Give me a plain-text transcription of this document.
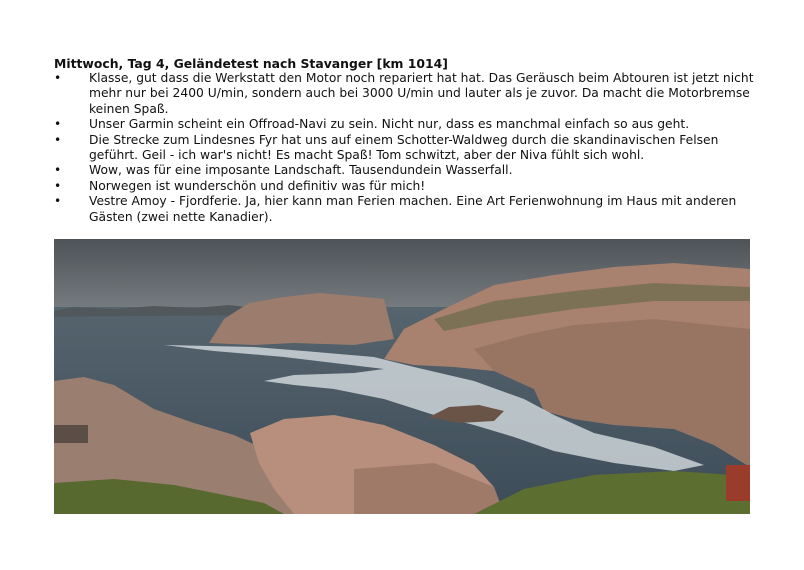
Mittwoch, Tag 4, Geländetest nach Stavanger [km 1014]

• Klasse, gut dass die Werkstatt den Motor noch repariert hat hat. Das Geräusch beim Abtouren ist jetzt nicht mehr nur bei 2400 U/min, sondern auch bei 3000 U/min und lauter als je zuvor. Da macht die Motorbremse keinen Spaß.
• Unser Garmin scheint ein Offroad-Navi zu sein. Nicht nur, dass es manchmal einfach so aus geht.
• Die Strecke zum Lindesnes Fyr hat uns auf einem Schotter-Waldweg durch die skandinavischen Felsen geführt. Geil - ich war's nicht! Es macht Spaß! Tom schwitzt, aber der Niva fühlt sich wohl.
• Wow, was für eine imposante Landschaft. Tausendundein Wasserfall.
• Norwegen ist wunderschön und definitiv was für mich!
• Vestre Amoy - Fjordferie. Ja, hier kann man Ferien machen. Eine Art Ferienwohnung im Haus mit anderen Gästen (zwei nette Kanadier).
